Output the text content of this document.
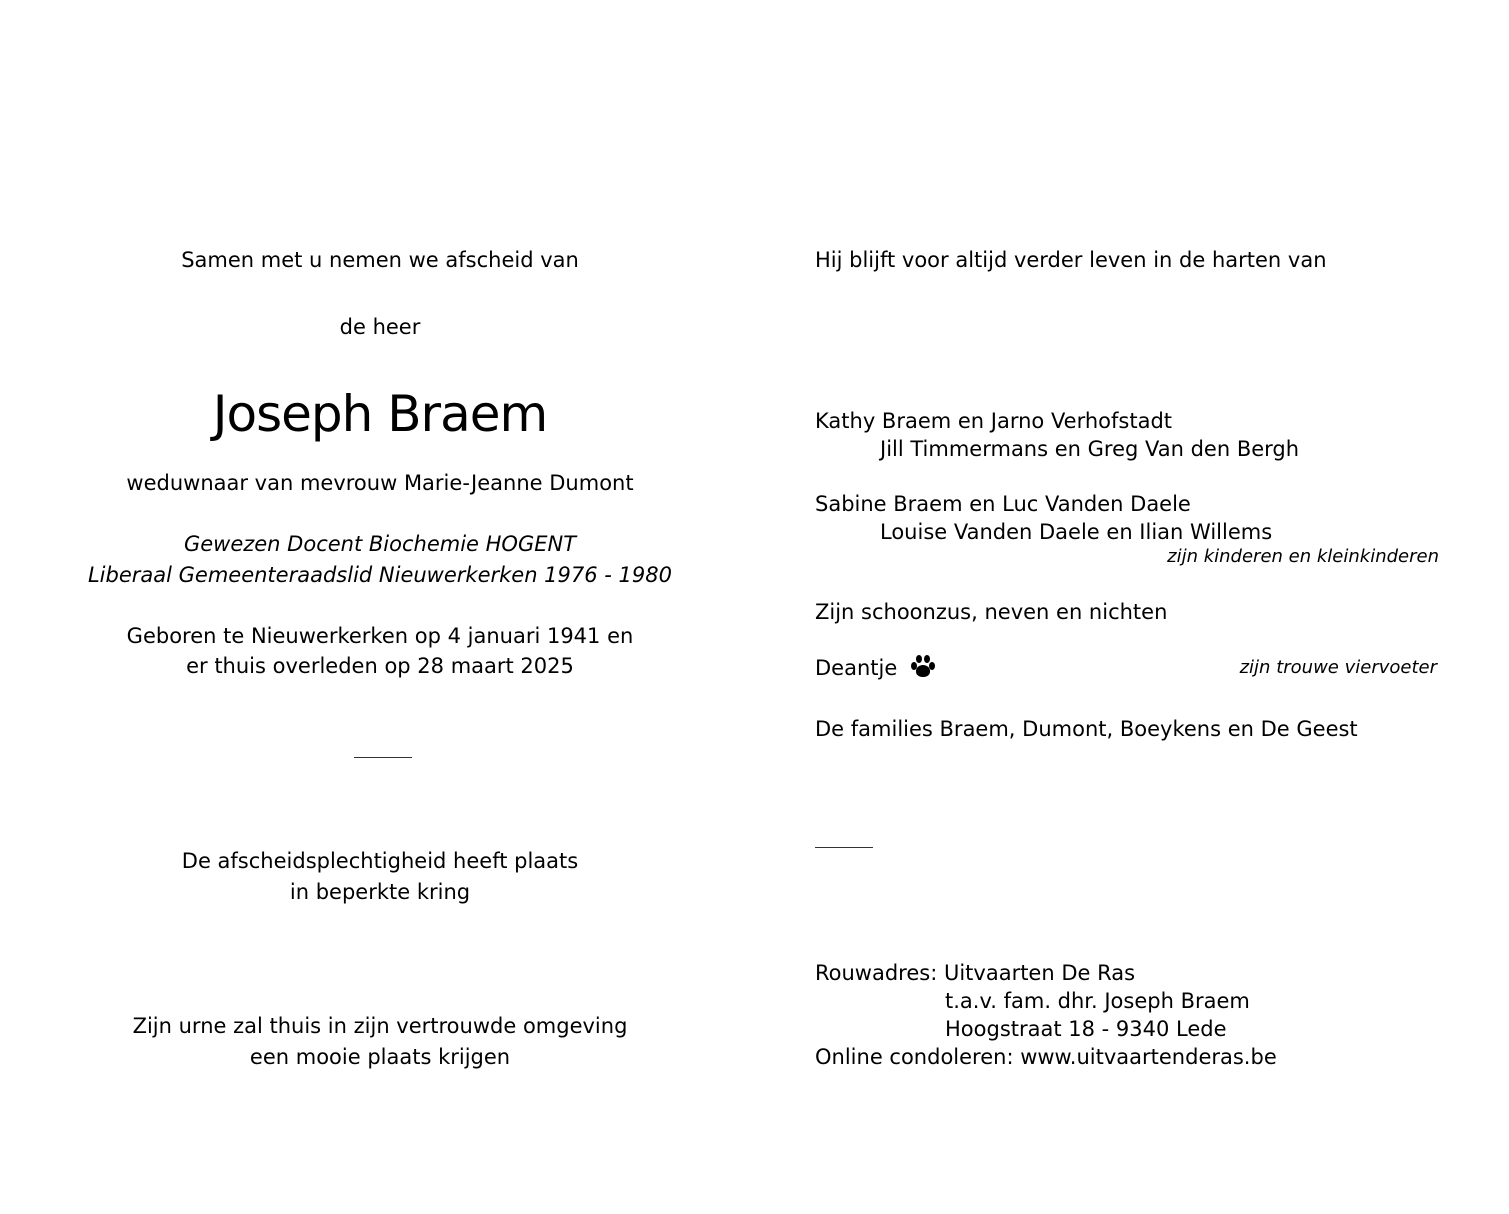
Samen met u nemen we afscheid van
de heer
Joseph Braem
weduwnaar van mevrouw Marie-Jeanne Dumont
Gewezen Docent Biochemie HOGENT
Liberaal Gemeenteraadslid Nieuwerkerken 1976 - 1980
Geboren te Nieuwerkerken op 4 januari 1941 en
er thuis overleden op 28 maart 2025
De afscheidsplechtigheid heeft plaats
in beperkte kring
Zijn urne zal thuis in zijn vertrouwde omgeving
een mooie plaats krijgen
Hij blijft voor altijd verder leven in de harten van
Kathy Braem en Jarno Verhofstadt
Jill Timmermans en Greg Van den Bergh
Sabine Braem en Luc Vanden Daele
Louise Vanden Daele en Ilian Willems
zijn kinderen en kleinkinderen
Zijn schoonzus, neven en nichten
Deantje	zijn trouwe viervoeter
De families Braem, Dumont, Boeykens en De Geest
Rouwadres: Uitvaarten De Ras
t.a.v. fam. dhr. Joseph Braem
Hoogstraat 18 - 9340 Lede
Online condoleren: www.uitvaartenderas.be
